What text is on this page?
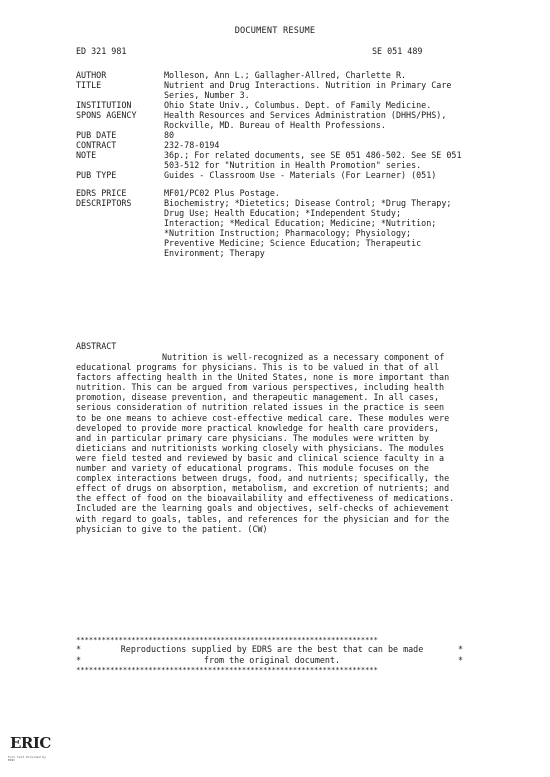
DOCUMENT RESUME
ED 321 981	SE 051 489
AUTHOR	Molleson, Ann L.; Gallagher-Allred, Charlette R.
TITLE	Nutrient and Drug Interactions. Nutrition in Primary Care Series, Number 3.
INSTITUTION	Ohio State Univ., Columbus. Dept. of Family Medicine.
SPONS AGENCY	Health Resources and Services Administration (DHHS/PHS), Rockville, MD. Bureau of Health Professions.
PUB DATE	80
CONTRACT	232-78-0194
NOTE	36p.; For related documents, see SE 051 486-502. See SE 051 503-512 for "Nutrition in Health Promotion" series.
PUB TYPE	Guides - Classroom Use - Materials (For Learner) (051)
EDRS PRICE	MF01/PC02 Plus Postage.
DESCRIPTORS	Biochemistry; *Dietetics; Disease Control; *Drug Therapy; Drug Use; Health Education; *Independent Study; Interaction; *Medical Education; Medicine; *Nutrition; *Nutrition Instruction; Pharmacology; Physiology; Preventive Medicine; Science Education; Therapeutic Environment; Therapy
ABSTRACT
Nutrition is well-recognized as a necessary component of educational programs for physicians. This is to be valued in that of all factors affecting health in the United States, none is more important than nutrition. This can be argued from various perspectives, including health promotion, disease prevention, and therapeutic management. In all cases, serious consideration of nutrition related issues in the practice is seen to be one means to achieve cost-effective medical care. These modules were developed to provide more practical knowledge for health care providers, and in particular primary care physicians. The modules were written by dieticians and nutritionists working closely with physicians. The modules were field tested and reviewed by basic and clinical science faculty in a number and variety of educational programs. This module focuses on the complex interactions between drugs, food, and nutrients; specifically, the effect of drugs on absorption, metabolism, and excretion of nutrients; and the effect of food on the bioavailability and effectiveness of medications. Included are the learning goals and objectives, self-checks of achievement with regard to goals, tables, and references for the physician and for the physician to give to the patient. (CW)
***********************************************************************
*	Reproductions supplied by EDRS are the best that can be made	*
*	from the original document.	*
***********************************************************************
ERIC
Full Text Provided by ERIC
